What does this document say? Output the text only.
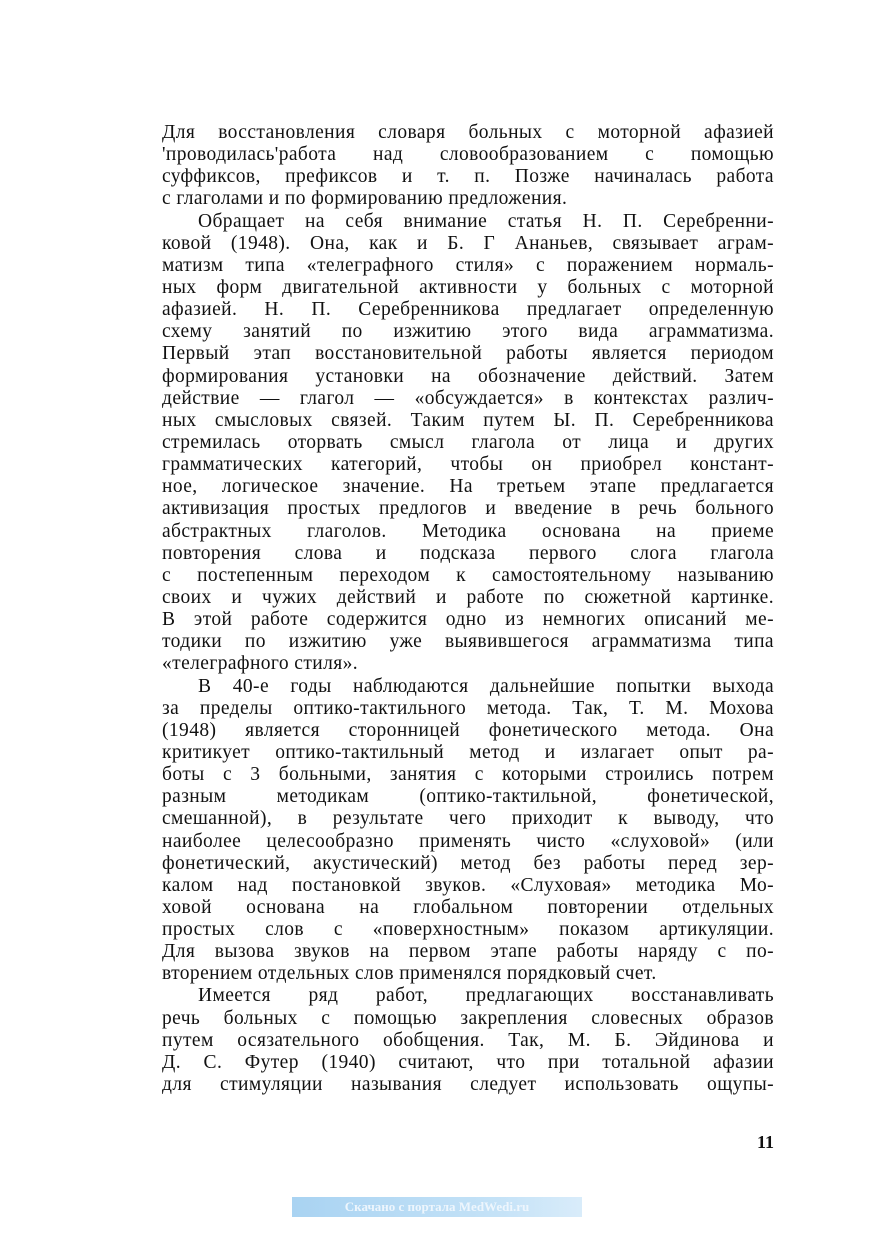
Для восстановления словаря больных с моторной афазией
'проводилась'работа над словообразованием с помощью
суффиксов, префиксов и т. п. Позже начиналась работа
с глаголами и по формированию предложения.
Обращает на себя внимание статья Н. П. Серебренни-
ковой (1948). Она, как и Б. Г Ананьев, связывает аграм-
матизм типа «телеграфного стиля» с поражением нормаль-
ных форм двигательной активности у больных с моторной
афазией. Н. П. Серебренникова предлагает определенную
схему занятий по изжитию этого вида аграмматизма.
Первый этап восстановительной работы является периодом
формирования установки на обозначение действий. Затем
действие — глагол — «обсуждается» в контекстах различ-
ных смысловых связей. Таким путем Ы. П. Серебренникова
стремилась оторвать смысл глагола от лица и других
грамматических категорий, чтобы он приобрел констант-
ное, логическое значение. На третьем этапе предлагается
активизация простых предлогов и введение в речь больного
абстрактных глаголов. Методика основана на приеме
повторения слова и подсказа первого слога глагола
с постепенным переходом к самостоятельному называнию
своих и чужих действий и работе по сюжетной картинке.
В этой работе содержится одно из немногих описаний ме-
тодики по изжитию уже выявившегося аграмматизма типа
«телеграфного стиля».
В 40-е годы наблюдаются дальнейшие попытки выхода
за пределы оптико-тактильного метода. Так, Т. М. Мохова
(1948) является сторонницей фонетического метода. Она
критикует оптико-тактильный метод и излагает опыт ра-
боты с 3 больными, занятия с которыми строились потрем
разным методикам (оптико-тактильной, фонетической,
смешанной), в результате чего приходит к выводу, что
наиболее целесообразно применять чисто «слуховой» (или
фонетический, акустический) метод без работы перед зер-
калом над постановкой звуков. «Слуховая» методика Мо-
ховой основана на глобальном повторении отдельных
простых слов с «поверхностным» показом артикуляции.
Для вызова звуков на первом этапе работы наряду с по-
вторением отдельных слов применялся порядковый счет.
Имеется ряд работ, предлагающих восстанавливать
речь больных с помощью закрепления словесных образов
путем осязательного обобщения. Так, М. Б. Эйдинова и
Д. С. Футер (1940) считают, что при тотальной афазии
для стимуляции называния следует использовать ощупы-
11
Скачано с портала MedWedi.ru
